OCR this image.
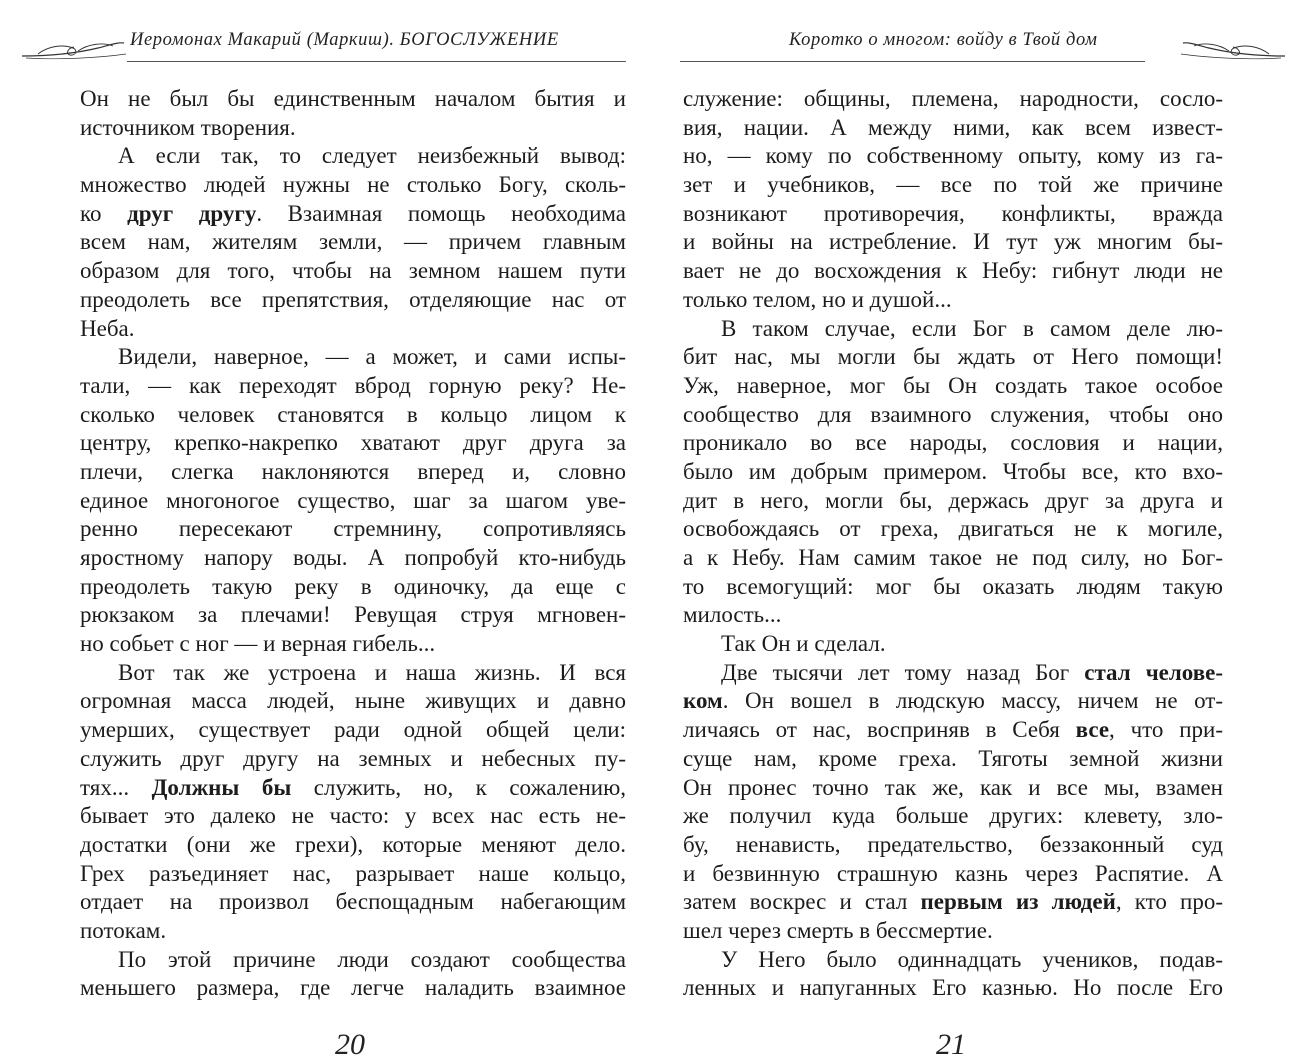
Иеромонах Макарий (Маркиш). БОГОСЛУЖЕНИЕ
Он не был бы единственным началом бытия и
источником творения.
А если так, то следует неизбежный вывод:
множество людей нужны не столько Богу, сколь-
ко друг другу. Взаимная помощь необходима
всем нам, жителям земли, — причем главным
образом для того, чтобы на земном нашем пути
преодолеть все препятствия, отделяющие нас от
Неба.
Видели, наверное, — а может, и сами испы-
тали, — как переходят вброд горную реку? Не-
сколько человек становятся в кольцо лицом к
центру, крепко-накрепко хватают друг друга за
плечи, слегка наклоняются вперед и, словно
единое многоногое существо, шаг за шагом уве-
ренно пересекают стремнину, сопротивляясь
яростному напору воды. А попробуй кто-нибудь
преодолеть такую реку в одиночку, да еще с
рюкзаком за плечами! Ревущая струя мгновен-
но собьет с ног — и верная гибель...
Вот так же устроена и наша жизнь. И вся
огромная масса людей, ныне живущих и давно
умерших, существует ради одной общей цели:
служить друг другу на земных и небесных пу-
тях... Должны бы служить, но, к сожалению,
бывает это далеко не часто: у всех нас есть не-
достатки (они же грехи), которые меняют дело.
Грех разъединяет нас, разрывает наше кольцо,
отдает на произвол беспощадным набегающим
потокам.
По этой причине люди создают сообщества
меньшего размера, где легче наладить взаимное
20
Коротко о многом: войду в Твой дом
служение: общины, племена, народности, сосло-
вия, нации. А между ними, как всем извест-
но, — кому по собственному опыту, кому из га-
зет и учебников, — все по той же причине
возникают противоречия, конфликты, вражда
и войны на истребление. И тут уж многим бы-
вает не до восхождения к Небу: гибнут люди не
только телом, но и душой...
В таком случае, если Бог в самом деле лю-
бит нас, мы могли бы ждать от Него помощи!
Уж, наверное, мог бы Он создать такое особое
сообщество для взаимного служения, чтобы оно
проникало во все народы, сословия и нации,
было им добрым примером. Чтобы все, кто вхо-
дит в него, могли бы, держась друг за друга и
освобождаясь от греха, двигаться не к могиле,
а к Небу. Нам самим такое не под силу, но Бог-
то всемогущий: мог бы оказать людям такую
милость...
Так Он и сделал.
Две тысячи лет тому назад Бог стал челове-
ком. Он вошел в людскую массу, ничем не от-
личаясь от нас, восприняв в Себя все, что при-
суще нам, кроме греха. Тяготы земной жизни
Он пронес точно так же, как и все мы, взамен
же получил куда больше других: клевету, зло-
бу, ненависть, предательство, беззаконный суд
и безвинную страшную казнь через Распятие. А
затем воскрес и стал первым из людей, кто про-
шел через смерть в бессмертие.
У Него было одиннадцать учеников, подав-
ленных и напуганных Его казнью. Но после Его
21
